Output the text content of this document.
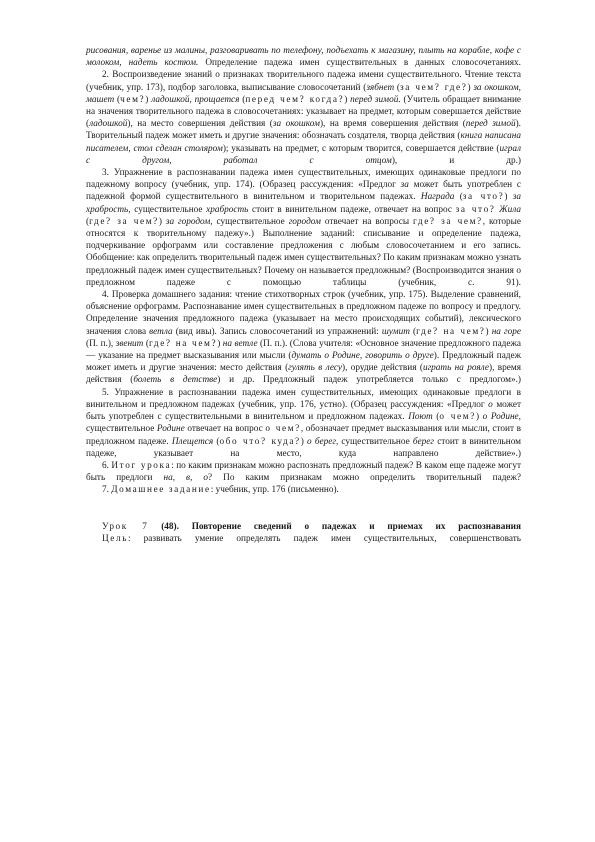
рисования, варенье из малины, разговаривать по телефону, подъехать к магазину, плыть на корабле, кофе с молоком, надеть костюм. Определение падежа имен существительных в данных словосочетаниях.

2. Воспроизведение знаний о признаках творительного падежа имени существительного. Чтение текста (учебник, упр. 173), подбор заголовка, выписывание словосочетаний (зябнет (за чем? где?) за окошком, машет (чем?) ладошкой, прощается (перед чем? когда?) перед зимой. (Учитель обращает внимание на значения творительного падежа в словосочетаниях: указывает на предмет, которым совершается действие (ладошкой), на место совершения действия (за окошком), на время совершения действия (перед зимой). Творительный падеж может иметь и другие значения: обозначать создателя, творца действия (книга написана писателем, стол сделан столяром); указывать на предмет, с которым творится, совершается действие (играл с другом, работал с отцом), и др.)

3. Упражнение в распознавании падежа имен существительных, имеющих одинаковые предлоги по падежному вопросу (учебник, упр. 174). (Образец рассуждения: «Предлог за может быть употреблен с падежной формой существительного в винительном и творительном падежах. Награда (за что?) за храбрость, существительное храбрость стоит в винительном падеже, отвечает на вопрос за что? Жила (где? за чем?) за городом, существительное городом отвечает на вопросы где? за чем?, которые относятся к творительному падежу».) Выполнение заданий: списывание и определение падежа, подчеркивание орфограмм или составление предложения с любым словосочетанием и его запись. Обобщение: как определить творительный падеж имен существительных? По каким признакам можно узнать предложный падеж имен существительных? Почему он называется предложным? (Воспроизводится знания о предложном падеже с помощью таблицы (учебник, с. 91).

4. Проверка домашнего задания: чтение стихотворных строк (учебник, упр. 175). Выделение сравнений, объяснение орфограмм. Распознавание имен существительных в предложном падеже по вопросу и предлогу. Определение значения предложного падежа (указывает на место происходящих событий), лексического значения слова ветла (вид ивы). Запись словосочетаний из упражнений: шумит (где? на чем?) на горе (П. п.), звенит (где? на чем?) на ветле (П. п.). (Слова учителя: «Основное значение предложного падежа — указание на предмет высказывания или мысли (думать о Родине, говорить о друге). Предложный падеж может иметь и другие значения: место действия (гулять в лесу), орудие действия (играть на рояле), время действия (болеть в детстве) и др. Предложный падеж употребляется только с предлогом».)

5. Упражнение в распознавании падежа имен существительных, имеющих одинаковые предлоги в винительном и предложном падежах (учебник, упр. 176, устно). (Образец рассуждения: «Предлог о может быть употреблен с существительными в винительном и предложном падежах. Поют (о чем?) о Родине, существительное Родине отвечает на вопрос о чем?, обозначает предмет высказывания или мысли, стоит в предложном падеже. Плещется (обо что? куда?) о берег, существительное берег стоит в винительном падеже, указывает на место, куда направлено действие».)

6. Итог урока: по каким признакам можно распознать предложный падеж? В каком еще падеже могут быть предлоги на, в, о? По каким признакам можно определить творительный падеж?

7. Домашнее задание: учебник, упр. 176 (письменно).

Урок 7 (48). Повторение сведений о падежах и приемах их распознавания

Цель: развивать умение определять падеж имен существительных, совершенствовать
